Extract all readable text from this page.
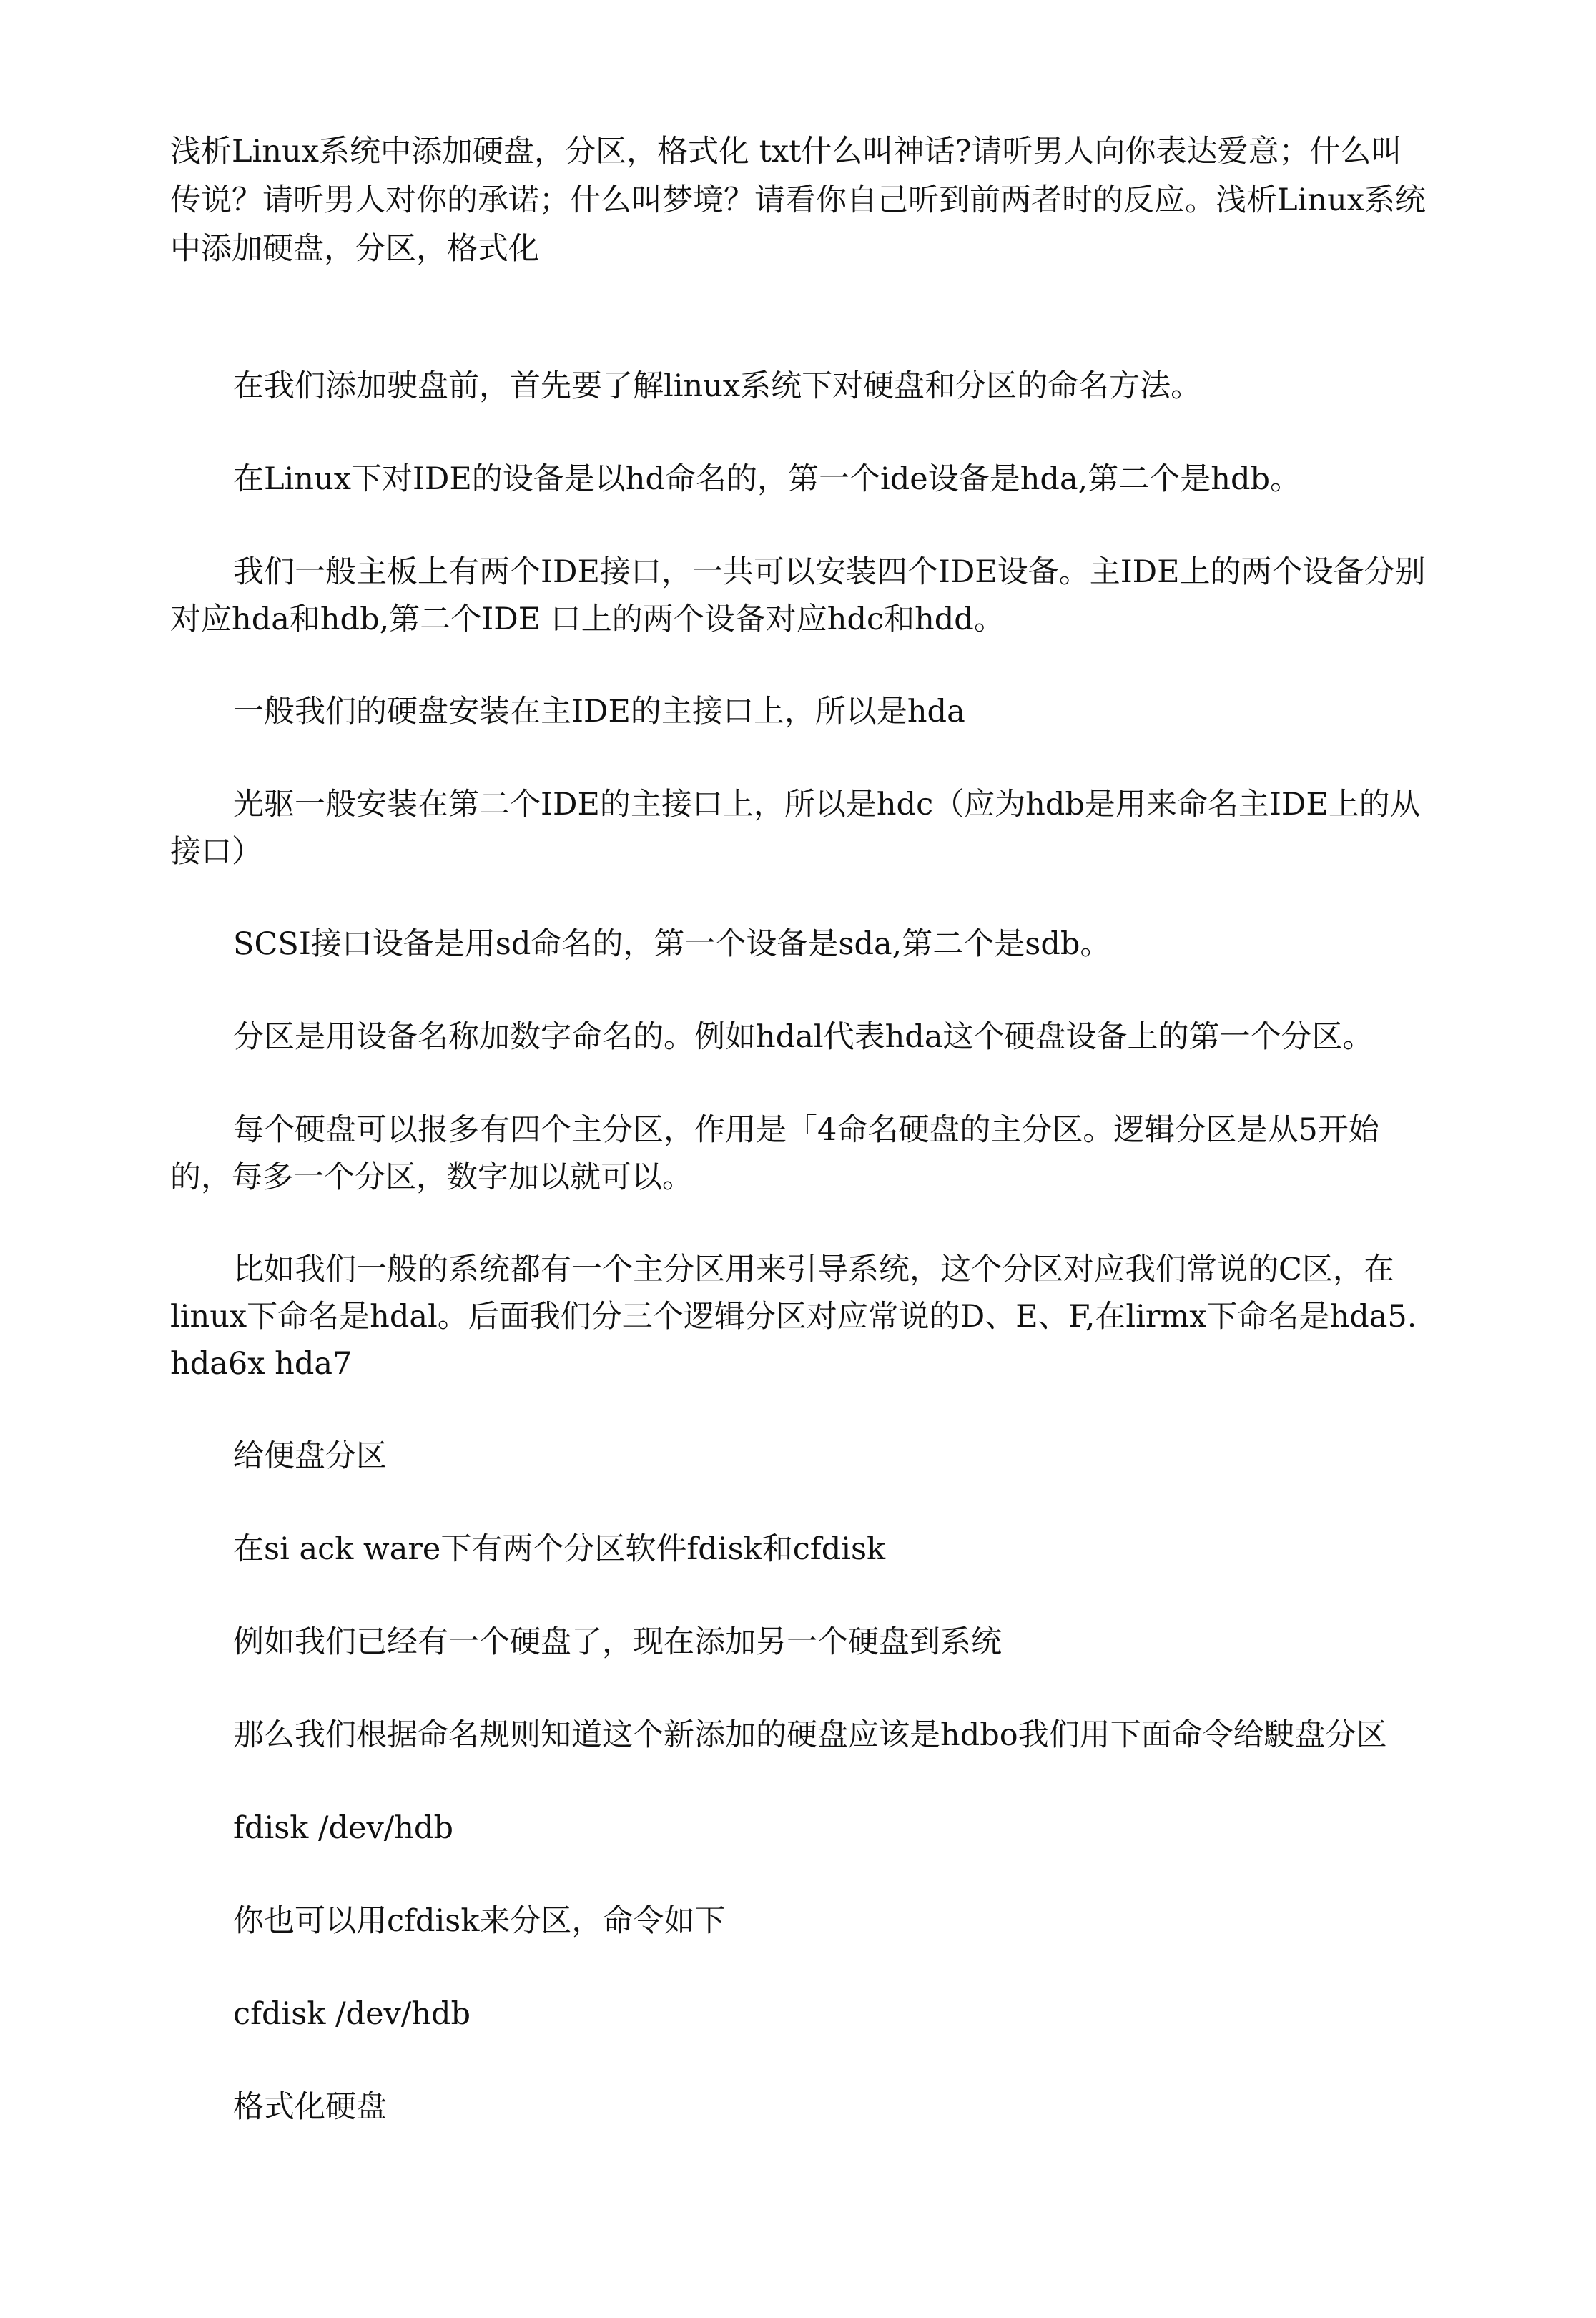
浅析Linux系统中添加硬盘，分区，格式化 txt什么叫神话?请听男人向你表达爱意；什么叫传说？请听男人对你的承诺；什么叫梦境？请看你自己听到前两者时的反应。浅析Linux系统中添加硬盘，分区，格式化

在我们添加驶盘前，首先要了解linux系统下对硬盘和分区的命名方法。

在Linux下对IDE的设备是以hd命名的，第一个ide设备是hda,第二个是hdb。

我们一般主板上有两个IDE接口，一共可以安装四个IDE设备。主IDE上的两个设备分别对应hda和hdb,第二个IDE 口上的两个设备对应hdc和hdd。

一般我们的硬盘安装在主IDE的主接口上，所以是hda

光驱一般安装在第二个IDE的主接口上，所以是hdc（应为hdb是用来命名主IDE上的从接口）

SCSI接口设备是用sd命名的，第一个设备是sda,第二个是sdb。

分区是用设备名称加数字命名的。例如hdal代表hda这个硬盘设备上的第一个分区。

每个硬盘可以报多有四个主分区，作用是「4命名硬盘的主分区。逻辑分区是从5开始的，每多一个分区，数字加以就可以。

比如我们一般的系统都有一个主分区用来引导系统，这个分区对应我们常说的C区，在linux下命名是hdal。后面我们分三个逻辑分区对应常说的D、E、F,在lirmx下命名是hda5. hda6x hda7

给便盘分区

在si ack ware下有两个分区软件fdisk和cfdisk

例如我们已经有一个硬盘了，现在添加另一个硬盘到系统

那么我们根据命名规则知道这个新添加的硬盘应该是hdbo我们用下面命令给駛盘分区

fdisk /dev/hdb

你也可以用cfdisk来分区，命令如下

cfdisk /dev/hdb

格式化硬盘
